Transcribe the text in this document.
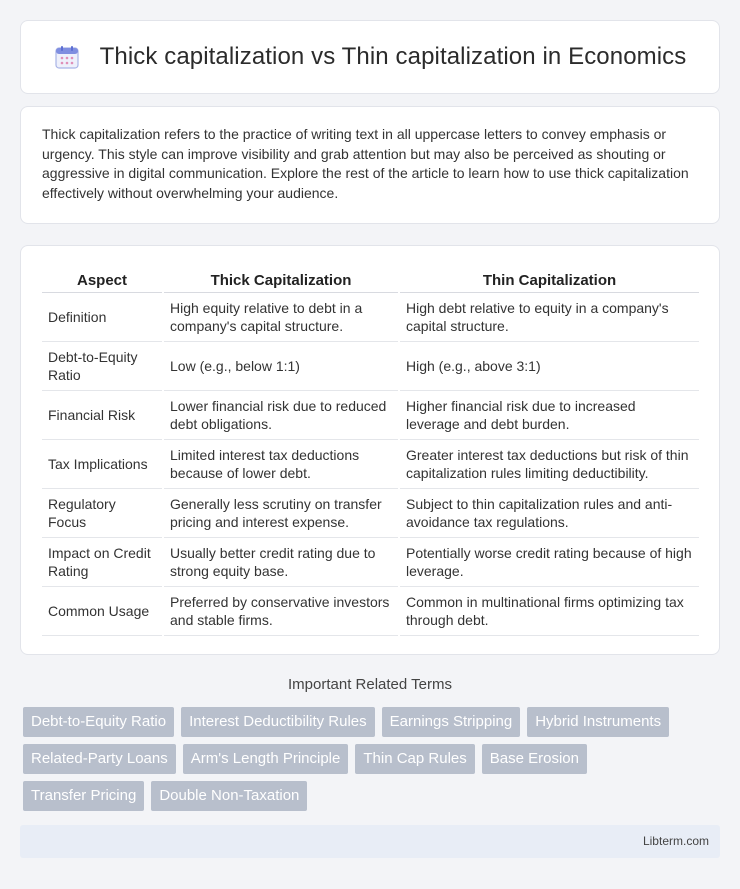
Thick capitalization vs Thin capitalization in Economics

Thick capitalization refers to the practice of writing text in all uppercase letters to convey emphasis or urgency. This style can improve visibility and grab attention but may also be perceived as shouting or aggressive in digital communication. Explore the rest of the article to learn how to use thick capitalization effectively without overwhelming your audience.

Aspect	Thick Capitalization	Thin Capitalization
Definition	High equity relative to debt in a company's capital structure.	High debt relative to equity in a company's capital structure.
Debt-to-Equity Ratio	Low (e.g., below 1:1)	High (e.g., above 3:1)
Financial Risk	Lower financial risk due to reduced debt obligations.	Higher financial risk due to increased leverage and debt burden.
Tax Implications	Limited interest tax deductions because of lower debt.	Greater interest tax deductions but risk of thin capitalization rules limiting deductibility.
Regulatory Focus	Generally less scrutiny on transfer pricing and interest expense.	Subject to thin capitalization rules and anti-avoidance tax regulations.
Impact on Credit Rating	Usually better credit rating due to strong equity base.	Potentially worse credit rating because of high leverage.
Common Usage	Preferred by conservative investors and stable firms.	Common in multinational firms optimizing tax through debt.
Important Related Terms
Debt-to-Equity Ratio	Interest Deductibility Rules	Earnings Stripping	Hybrid Instruments
Related-Party Loans	Arm's Length Principle	Thin Cap Rules	Base Erosion
Transfer Pricing	Double Non-Taxation
Libterm.com
